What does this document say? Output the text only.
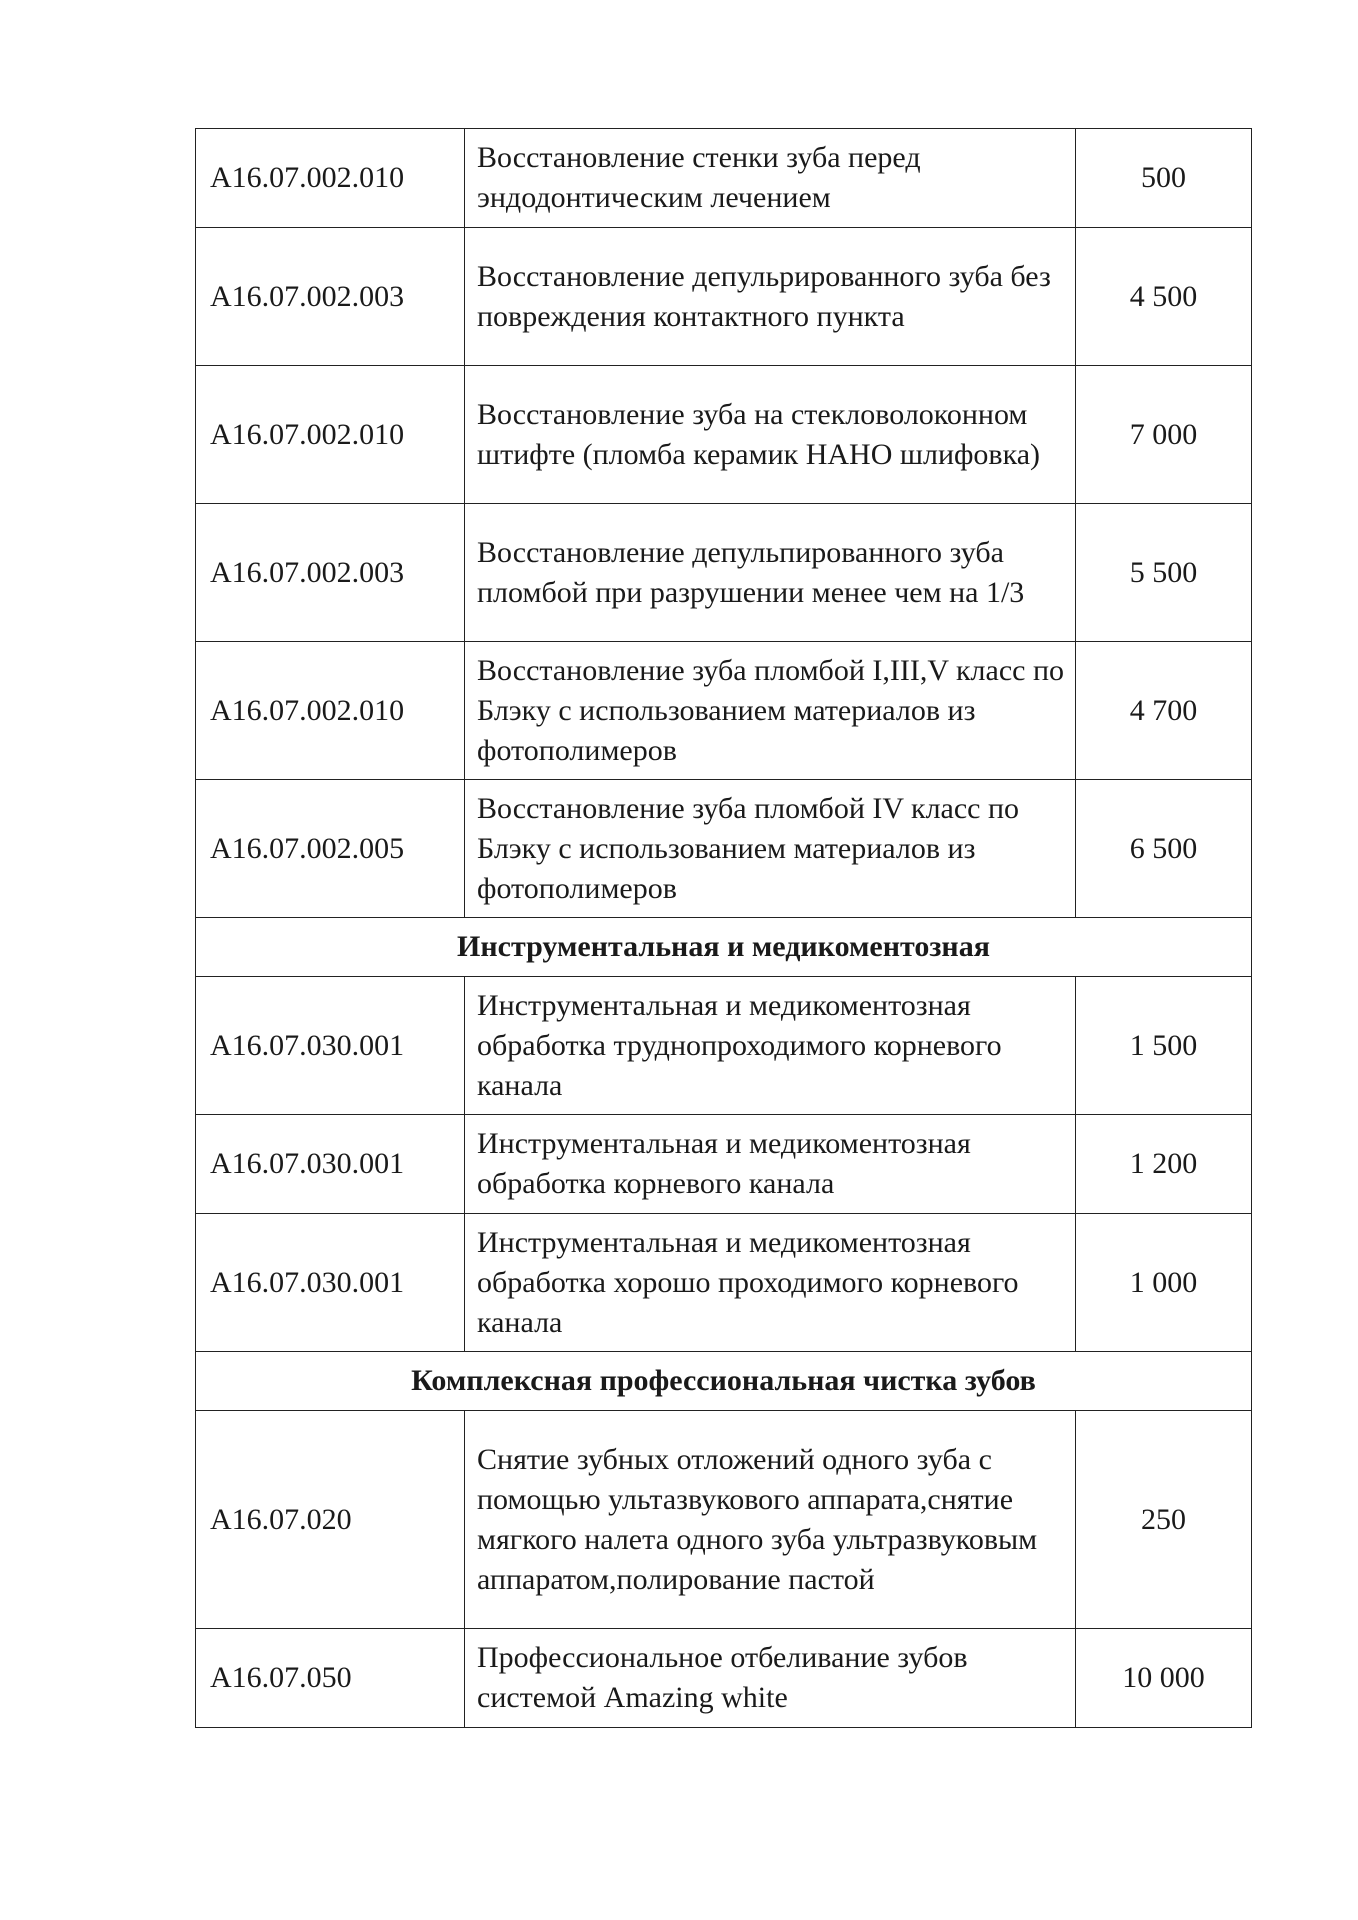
А16.07.002.010	Восстановление стенки зуба перед эндодонтическим лечением	500
А16.07.002.003	Восстановление депульрированного зуба без повреждения контактного пункта	4 500
А16.07.002.010	Восстановление зуба на стекловолоконном штифте (пломба керамик НАНО шлифовка)	7 000
А16.07.002.003	Восстановление депульпированного зуба пломбой при разрушении менее чем на 1/3	5 500
А16.07.002.010	Восстановление зуба пломбой I,III,V класс по Блэку с использованием материалов из фотополимеров	4 700
А16.07.002.005	Восстановление зуба пломбой IV класс по Блэку с использованием материалов из фотополимеров	6 500
Инструментальная и медикоментозная		
А16.07.030.001	Инструментальная и медикоментозная обработка труднопроходимого корневого канала	1 500
А16.07.030.001	Инструментальная и медикоментозная обработка корневого канала	1 200
А16.07.030.001	Инструментальная и медикоментозная обработка хорошо проходимого корневого канала	1 000
Комплексная профессиональная чистка зубов		
А16.07.020	Снятие зубных отложений одного зуба с помощью ультазвукового аппарата,снятие мягкого налета одного зуба ультразвуковым аппаратом,полирование пастой	250
А16.07.050	Профессиональное отбеливание зубов системой Amazing white	10 000
